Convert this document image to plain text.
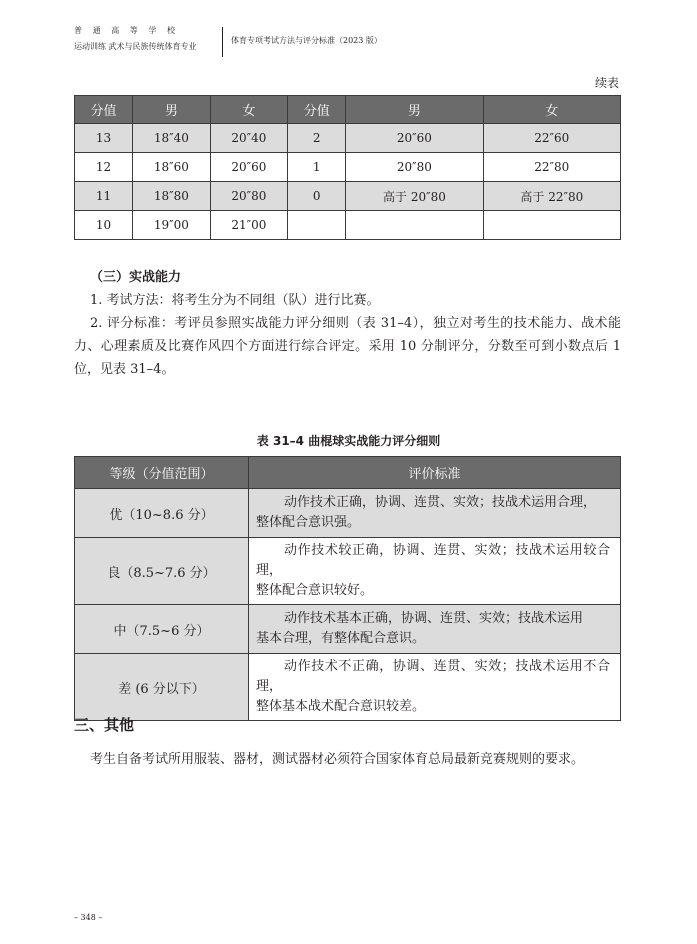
普通高等学校
运动训练 武术与民族传统体育专业
体育专项考试方法与评分标准（2023 版）
续表
分值	男	女	分值	男	女
13	18″40	20″40	2	20″60	22″60
12	18″60	20″60	1	20″80	22″80
11	18″80	20″80	0	高于 20″80	高于 22″80
10	19″00	21″00			
（三）实战能力
1. 考试方法：将考生分为不同组（队）进行比赛。
2. 评分标准：考评员参照实战能力评分细则（表 31–4），独立对考生的技术能力、战术能力、心理素质及比赛作风四个方面进行综合评定。采用 10 分制评分，分数至可到小数点后 1 位，见表 31–4。
表 31–4 曲棍球实战能力评分细则
等级（分值范围）	评价标准
优（10~8.6 分）	动作技术正确，协调、连贯、实效；技战术运用合理，
整体配合意识强。

良（8.5~7.6 分）	动作技术较正确，协调、连贯、实效；技战术运用较合理，
整体配合意识较好。

中（7.5~6 分）	动作技术基本正确，协调、连贯、实效；技战术运用
基本合理，有整体配合意识。

差 (6 分以下）	动作技术不正确，协调、连贯、实效；技战术运用不合理，
整体基本战术配合意识较差。
三、其他
考生自备考试所用服装、器材，测试器材必须符合国家体育总局最新竞赛规则的要求。
– 348 –
